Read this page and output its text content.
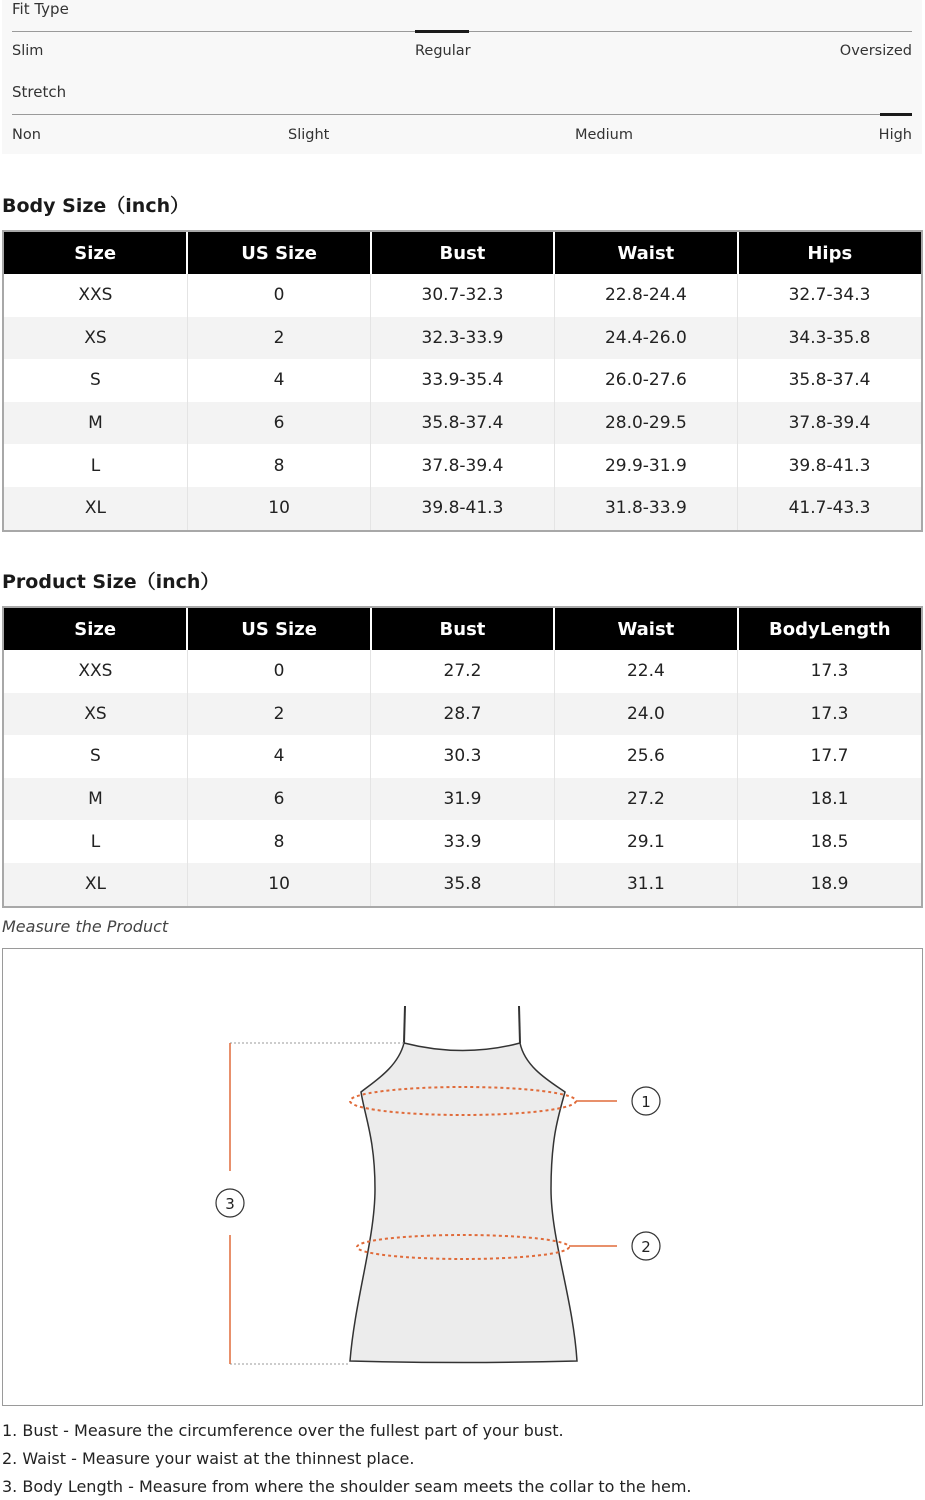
Fit Type
Slim	Regular	Oversized
Stretch
Non	Slight	Medium	High
Body Size（inch）
Size	US Size	Bust	Waist	Hips
XXS	0	30.7-32.3	22.8-24.4	32.7-34.3
XS	2	32.3-33.9	24.4-26.0	34.3-35.8
S	4	33.9-35.4	26.0-27.6	35.8-37.4
M	6	35.8-37.4	28.0-29.5	37.8-39.4
L	8	37.8-39.4	29.9-31.9	39.8-41.3
XL	10	39.8-41.3	31.8-33.9	41.7-43.3
Product Size（inch）
Size	US Size	Bust	Waist	BodyLength
XXS	0	27.2	22.4	17.3
XS	2	28.7	24.0	17.3
S	4	30.3	25.6	17.7
M	6	31.9	27.2	18.1
L	8	33.9	29.1	18.5
XL	10	35.8	31.1	18.9
Measure the Product
1
2
3
1. Bust - Measure the circumference over the fullest part of your bust.
2. Waist - Measure your waist at the thinnest place.
3. Body Length - Measure from where the shoulder seam meets the collar to the hem.
